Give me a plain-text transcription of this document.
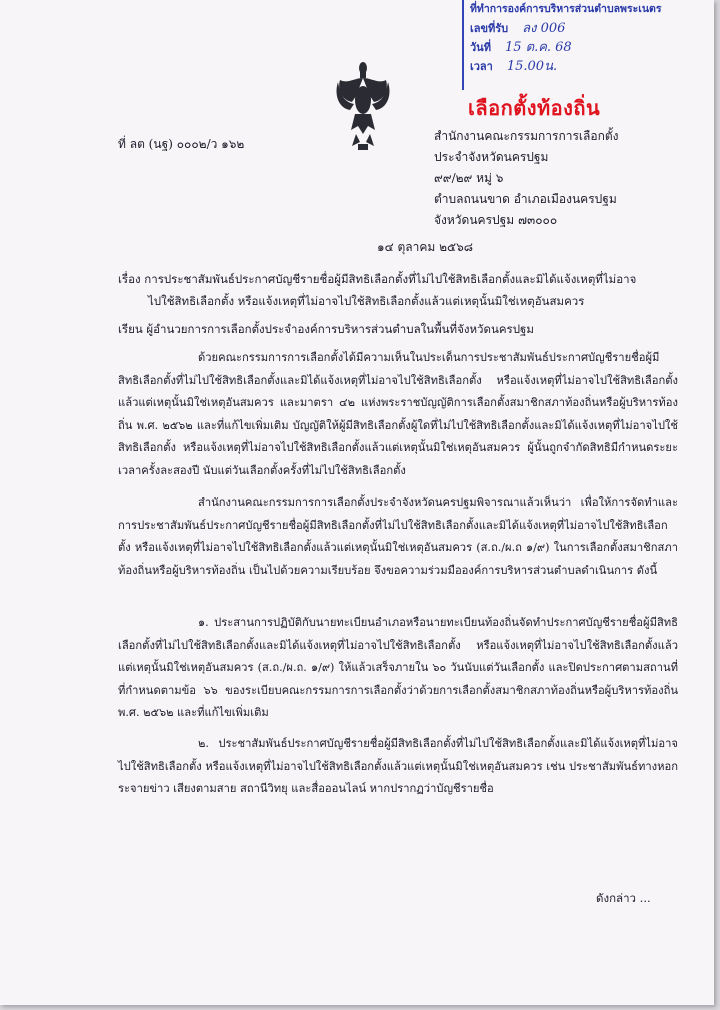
ที่ทำการองค์การบริหารส่วนตำบลพระเนตร
เลขที่รับ ลง 006
วันที่ 15 ต.ค. 68
เวลา 15.00น.
เลือกตั้งท้องถิ่น
ที่ ลต (นฐ) ๐๐๐๒/ว ๑๖๒
สำนักงานคณะกรรมการการเลือกตั้ง
ประจำจังหวัดนครปฐม
๙๙/๒๙ หมู่ ๖
ตำบลถนนขาด อำเภอเมืองนครปฐม
จังหวัดนครปฐม ๗๓๐๐๐
๑๔ ตุลาคม ๒๕๖๘
เรื่อง การประชาสัมพันธ์ประกาศบัญชีรายชื่อผู้มีสิทธิเลือกตั้งที่ไม่ไปใช้สิทธิเลือกตั้งและมิได้แจ้งเหตุที่ไม่อาจ
ไปใช้สิทธิเลือกตั้ง หรือแจ้งเหตุที่ไม่อาจไปใช้สิทธิเลือกตั้งแล้วแต่เหตุนั้นมิใช่เหตุอันสมควร
เรียน ผู้อำนวยการการเลือกตั้งประจำองค์การบริหารส่วนตำบลในพื้นที่จังหวัดนครปฐม
ด้วยคณะกรรมการการเลือกตั้งได้มีความเห็นในประเด็นการประชาสัมพันธ์ประกาศบัญชีรายชื่อผู้มีสิทธิเลือกตั้งที่ไม่ไปใช้สิทธิเลือกตั้งและมิได้แจ้งเหตุที่ไม่อาจไปใช้สิทธิเลือกตั้ง หรือแจ้งเหตุที่ไม่อาจไปใช้สิทธิเลือกตั้งแล้วแต่เหตุนั้นมิใช่เหตุอันสมควร และมาตรา ๔๒ แห่งพระราชบัญญัติการเลือกตั้งสมาชิกสภาท้องถิ่นหรือผู้บริหารท้องถิ่น พ.ศ. ๒๕๖๒ และที่แก้ไขเพิ่มเติม บัญญัติให้ผู้มีสิทธิเลือกตั้งผู้ใดที่ไม่ไปใช้สิทธิเลือกตั้งและมิได้แจ้งเหตุที่ไม่อาจไปใช้สิทธิเลือกตั้ง หรือแจ้งเหตุที่ไม่อาจไปใช้สิทธิเลือกตั้งแล้วแต่เหตุนั้นมิใช่เหตุอันสมควร ผู้นั้นถูกจำกัดสิทธิมีกำหนดระยะเวลาครั้งละสองปี นับแต่วันเลือกตั้งครั้งที่ไม่ไปใช้สิทธิเลือกตั้ง
สำนักงานคณะกรรมการการเลือกตั้งประจำจังหวัดนครปฐมพิจารณาแล้วเห็นว่า เพื่อให้การจัดทำและการประชาสัมพันธ์ประกาศบัญชีรายชื่อผู้มีสิทธิเลือกตั้งที่ไม่ไปใช้สิทธิเลือกตั้งและมิได้แจ้งเหตุที่ไม่อาจไปใช้สิทธิเลือกตั้ง หรือแจ้งเหตุที่ไม่อาจไปใช้สิทธิเลือกตั้งแล้วแต่เหตุนั้นมิใช่เหตุอันสมควร (ส.ถ./ผ.ถ ๑/๙) ในการเลือกตั้งสมาชิกสภาท้องถิ่นหรือผู้บริหารท้องถิ่น เป็นไปด้วยความเรียบร้อย จึงขอความร่วมมือองค์การบริหารส่วนตำบลดำเนินการ ดังนี้
๑. ประสานการปฏิบัติกับนายทะเบียนอำเภอหรือนายทะเบียนท้องถิ่นจัดทำประกาศบัญชีรายชื่อผู้มีสิทธิเลือกตั้งที่ไม่ไปใช้สิทธิเลือกตั้งและมิได้แจ้งเหตุที่ไม่อาจไปใช้สิทธิเลือกตั้ง หรือแจ้งเหตุที่ไม่อาจไปใช้สิทธิเลือกตั้งแล้วแต่เหตุนั้นมิใช่เหตุอันสมควร (ส.ถ./ผ.ถ. ๑/๙) ให้แล้วเสร็จภายใน ๖๐ วันนับแต่วันเลือกตั้ง และปิดประกาศตามสถานที่ที่กำหนดตามข้อ ๖๖ ของระเบียบคณะกรรมการการเลือกตั้งว่าด้วยการเลือกตั้งสมาชิกสภาท้องถิ่นหรือผู้บริหารท้องถิ่น พ.ศ. ๒๕๖๒ และที่แก้ไขเพิ่มเติม
๒. ประชาสัมพันธ์ประกาศบัญชีรายชื่อผู้มีสิทธิเลือกตั้งที่ไม่ไปใช้สิทธิเลือกตั้งและมิได้แจ้งเหตุที่ไม่อาจไปใช้สิทธิเลือกตั้ง หรือแจ้งเหตุที่ไม่อาจไปใช้สิทธิเลือกตั้งแล้วแต่เหตุนั้นมิใช่เหตุอันสมควร เช่น ประชาสัมพันธ์ทางหอกระจายข่าว เสียงตามสาย สถานีวิทยุ และสื่อออนไลน์ หากปรากฏว่าบัญชีรายชื่อ
ดังกล่าว ...
